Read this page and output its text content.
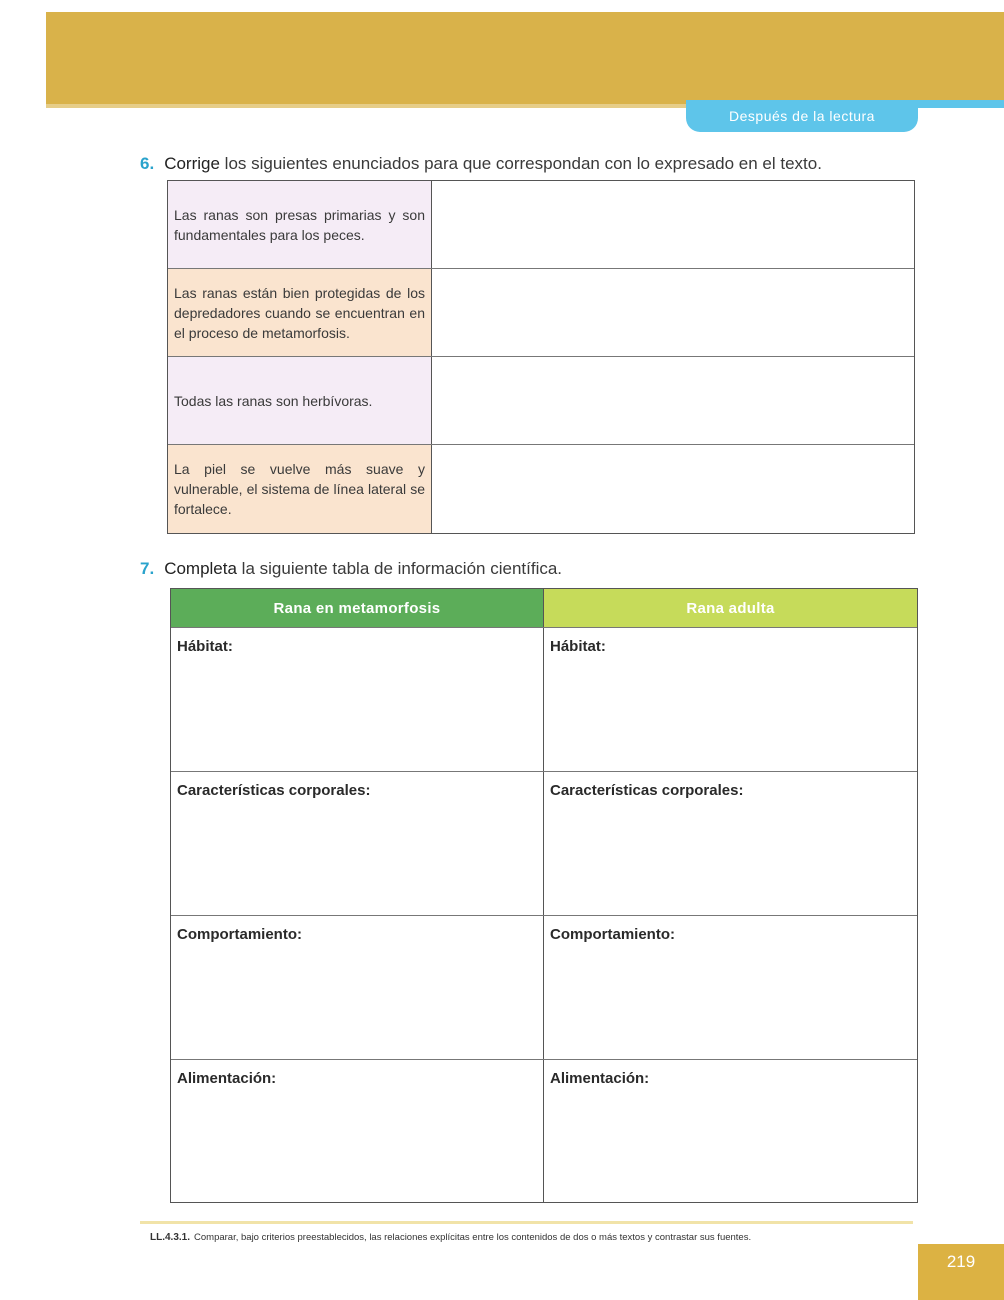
Después de la lectura
6. Corrige los siguientes enunciados para que correspondan con lo expresado en el texto.
Las ranas son presas primarias y son fundamentales para los peces.
Las ranas están bien protegidas de los depredadores cuando se encuentran en el proceso de metamorfosis.
Todas las ranas son herbívoras.
La piel se vuelve más suave y vulnerable, el sistema de línea lateral se fortalece.
7. Completa la siguiente tabla de información científica.
Rana en metamorfosis	Rana adulta
Hábitat:	Hábitat:
Características corporales:	Características corporales:
Comportamiento:	Comportamiento:
Alimentación:	Alimentación:
LL.4.3.1. Comparar, bajo criterios preestablecidos, las relaciones explícitas entre los contenidos de dos o más textos y contrastar sus fuentes.
219
